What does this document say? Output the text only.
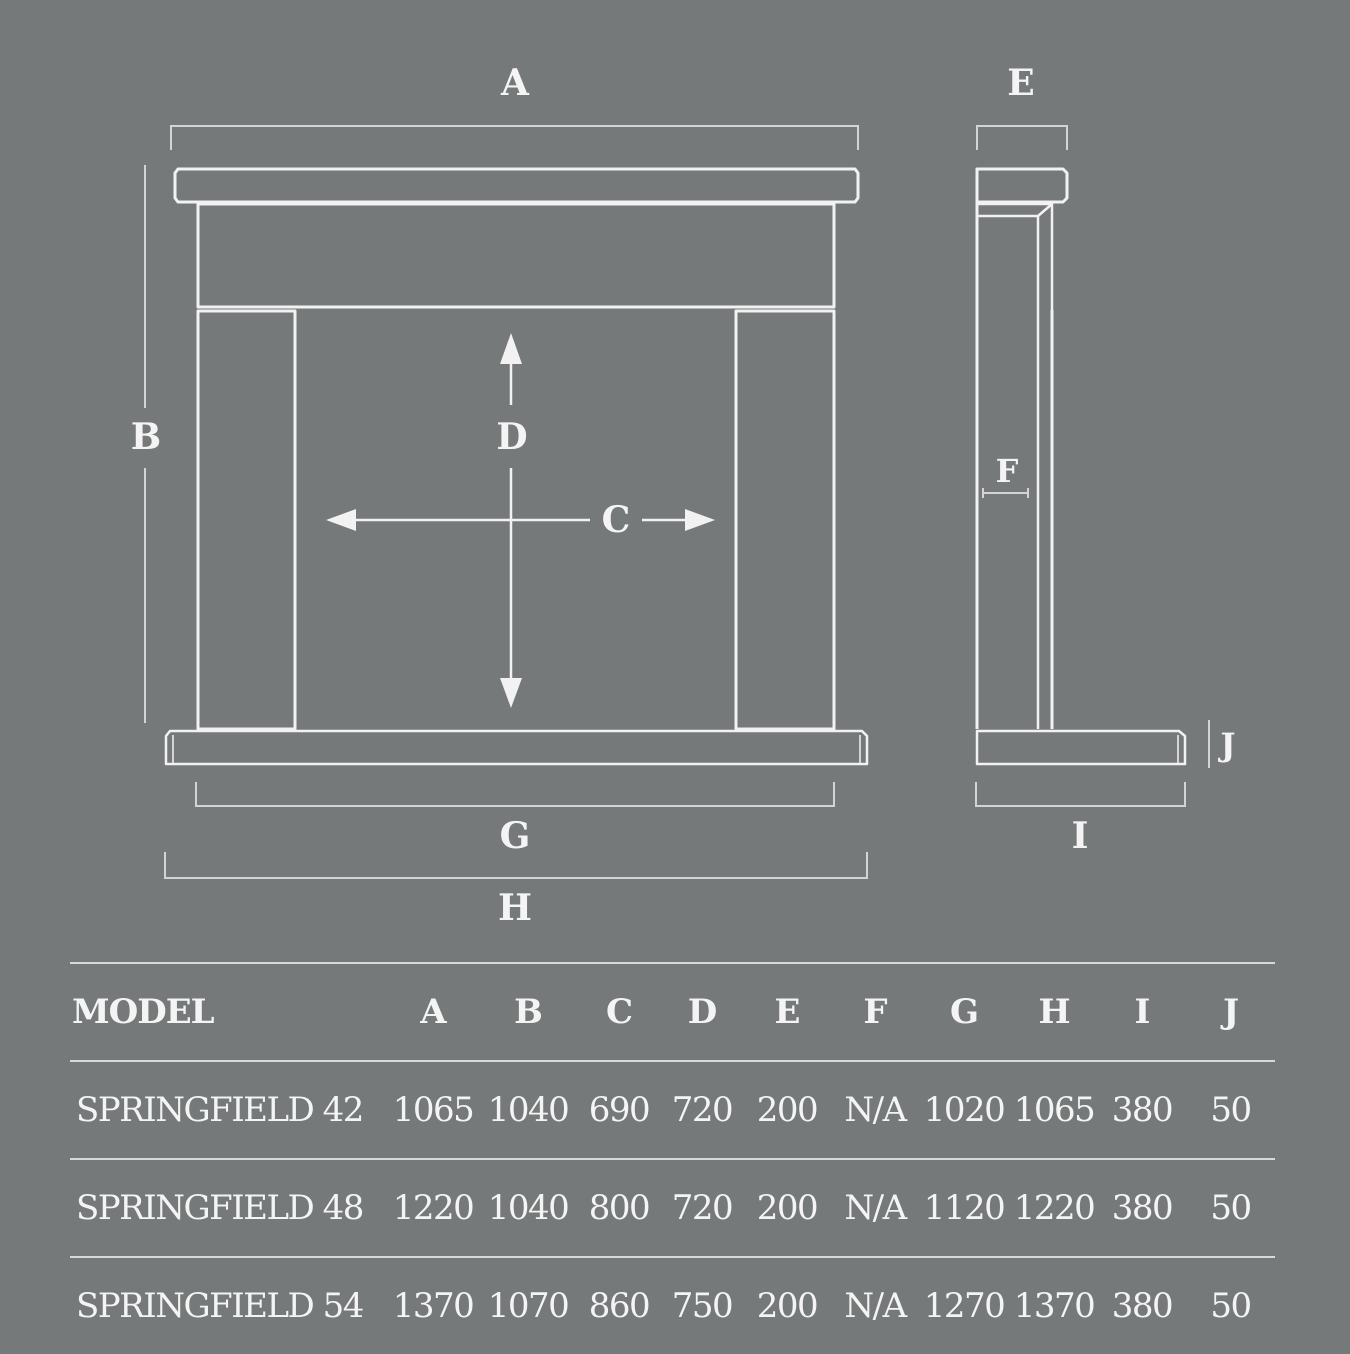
A
B	D
C
G
H
E
F
I
J
MODEL	A	B	C	D	E	F	G	H	I	J
SPRINGFIELD 42	1065	1040	690	720	200	N/A	1020	1065	380	50
SPRINGFIELD 48	1220	1040	800	720	200	N/A	1120	1220	380	50
SPRINGFIELD 54	1370	1070	860	750	200	N/A	1270	1370	380	50
